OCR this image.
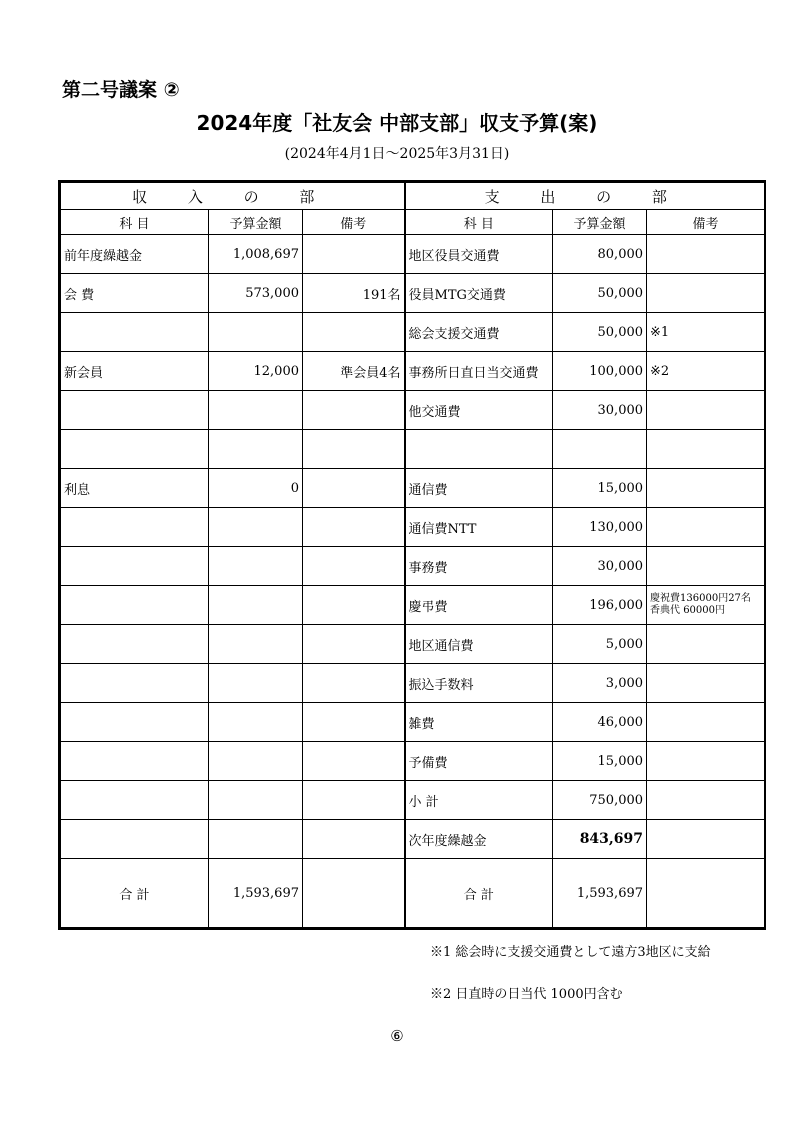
第二号議案 ②
2024年度「社友会 中部支部」収支予算(案)
(2024年4月1日〜2025年3月31日)
収 入 の 部			支 出 の 部		
科 目	予算金額	備考	科 目	予算金額	備考
前年度繰越金	1,008,697		地区役員交通費	80,000	
会 費	573,000	191名	役員MTG交通費	50,000	
			総会支援交通費	50,000	※1
新会員	12,000	準会員4名	事務所日直日当交通費	100,000	※2
			他交通費	30,000	

利息	0		通信費	15,000	
			通信費NTT	130,000	
			事務費	30,000	
			慶弔費	196,000	慶祝費136000円27名 香典代 60000円
			地区通信費	5,000	
			振込手数料	3,000	
			雑費	46,000	
			予備費	15,000	
			小 計	750,000	
			次年度繰越金	843,697	
合 計	1,593,697		合 計	1,593,697	
※1 総会時に支援交通費として遠方3地区に支給
※2 日直時の日当代 1000円含む
⑥
